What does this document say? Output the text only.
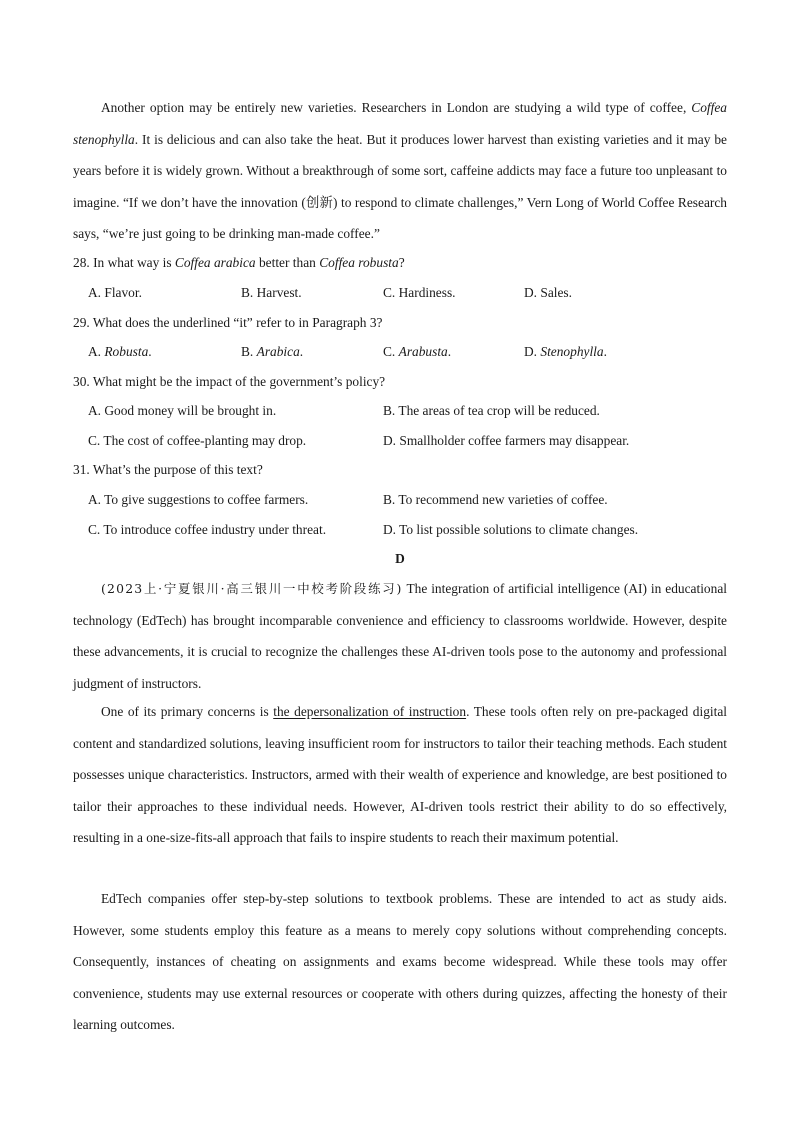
Another option may be entirely new varieties. Researchers in London are studying a wild type of coffee, Coffea stenophylla. It is delicious and can also take the heat. But it produces lower harvest than existing varieties and it may be years before it is widely grown. Without a breakthrough of some sort, caffeine addicts may face a future too unpleasant to imagine. “If we don’t have the innovation (创新) to respond to climate challenges,” Vern Long of World Coffee Research says, “we’re just going to be drinking man-made coffee.”

28. In what way is Coffea arabica better than Coffea robusta?

A. Flavor.	B. Harvest.	C. Hardiness.	D. Sales.

29. What does the underlined “it” refer to in Paragraph 3?

A. Robusta.	B. Arabica.	C. Arabusta.	D. Stenophylla.

30. What might be the impact of the government’s policy?

A. Good money will be brought in.	B. The areas of tea crop will be reduced.

C. The cost of coffee-planting may drop.	D. Smallholder coffee farmers may disappear.

31. What’s the purpose of this text?

A. To give suggestions to coffee farmers.	B. To recommend new varieties of coffee.

C. To introduce coffee industry under threat.	D. To list possible solutions to climate changes.

D

(2023上·宁夏银川·高三银川一中校考阶段练习) The integration of artificial intelligence (AI) in educational technology (EdTech) has brought incomparable convenience and efficiency to classrooms worldwide. However, despite these advancements, it is crucial to recognize the challenges these AI-driven tools pose to the autonomy and professional judgment of instructors.

One of its primary concerns is the depersonalization of instruction. These tools often rely on pre-packaged digital content and standardized solutions, leaving insufficient room for instructors to tailor their teaching methods. Each student possesses unique characteristics. Instructors, armed with their wealth of experience and knowledge, are best positioned to tailor their approaches to these individual needs. However, AI-driven tools restrict their ability to do so effectively, resulting in a one-size-fits-all approach that fails to inspire students to reach their maximum potential.

EdTech companies offer step-by-step solutions to textbook problems. These are intended to act as study aids. However, some students employ this feature as a means to merely copy solutions without comprehending concepts. Consequently, instances of cheating on assignments and exams become widespread. While these tools may offer convenience, students may use external resources or cooperate with others during quizzes, affecting the honesty of their learning outcomes.
